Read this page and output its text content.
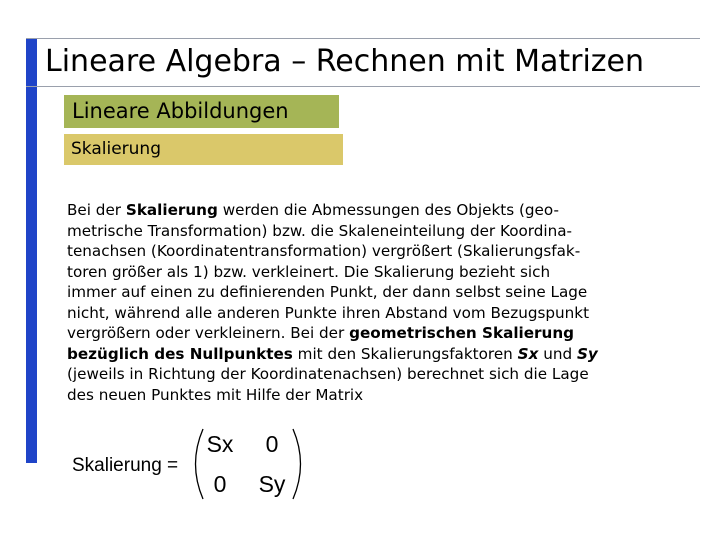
Lineare Algebra – Rechnen mit Matrizen
Lineare Abbildungen
Skalierung
Bei der Skalierung werden die Abmessungen des Objekts (geo-
metrische Transformation) bzw. die Skaleneinteilung der Koordina-
tenachsen (Koordinatentransformation) vergrößert (Skalierungsfak-
toren größer als 1) bzw. verkleinert. Die Skalierung bezieht sich
immer auf einen zu definierenden Punkt, der dann selbst seine Lage
nicht, während alle anderen Punkte ihren Abstand vom Bezugspunkt
vergrößern oder verkleinern. Bei der geometrischen Skalierung
bezüglich des Nullpunktes mit den Skalierungsfaktoren Sx und Sy
(jeweils in Richtung der Koordinatenachsen) berechnet sich die Lage
des neuen Punktes mit Hilfe der Matrix
Skalierung =
Sx 0
0 Sy
